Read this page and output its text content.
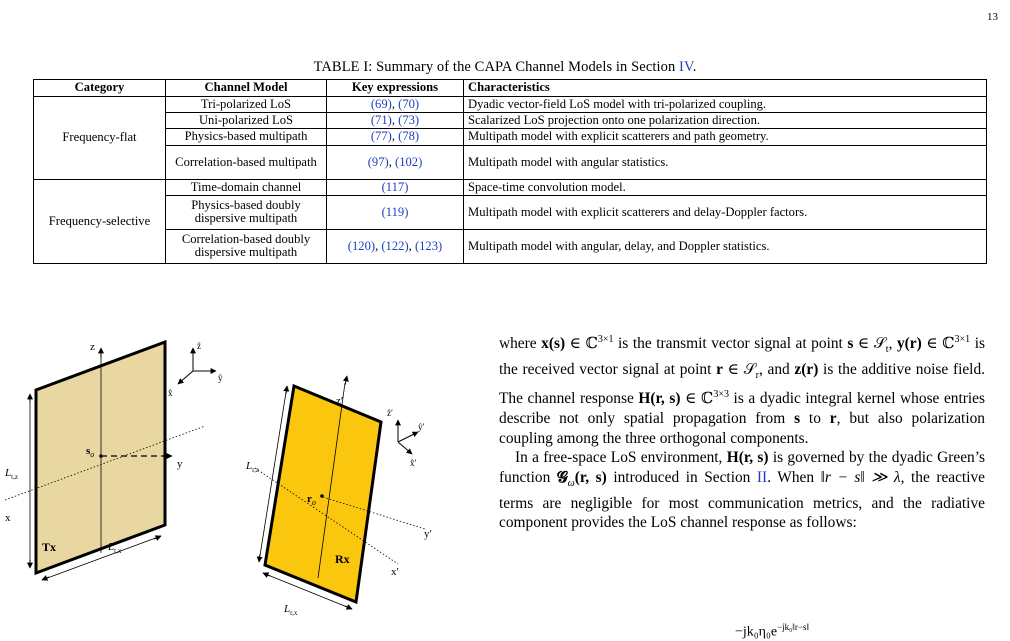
13
TABLE I: Summary of the CAPA Channel Models in Section IV.
Category	Channel Model	Key expressions	Characteristics
Frequency-flat	Tri-polarized LoS	(69), (70)	Dyadic vector-field LoS model with tri-polarized coupling.
	Uni-polarized LoS	(71), (73)	Scalarized LoS projection onto one polarization direction.
	Physics-based multipath	(77), (78)	Multipath model with explicit scatterers and path geometry.
	Correlation-based multipath	(97), (102)	Multipath model with angular statistics.
Frequency-selective	Time-domain channel	(117)	Space-time convolution model.
	Physics-based doubly dispersive multipath	(119)	Multipath model with explicit scatterers and delay-Doppler factors.
	Correlation-based doubly dispersive multipath	(120), (122), (123)	Multipath model with angular, delay, and Doppler statistics.
z
y
x
$s_o$
Tx
$L_{t,z}$
$L_{t,x}$
ẑ
ŷ
x̂
z′
y′
x′
$r_o$
Rx
$L_{r,z}$
$L_{r,x}$
ẑ′
ŷ′
x̂′

where x(s) ∈ ℂ$^{3\times 1}$ is the transmit vector signal at point s ∈ 𝒮$_t$, y(r) ∈ ℂ$^{3\times 1}$ is the received vector signal at point r ∈ 𝒮$_r$, and z(r) is the additive noise field. The channel response H(r, s) ∈ ℂ$^{3\times 3}$ is a dyadic integral kernel whose entries describe not only spatial propagation from s to r, but also polarization coupling among the three orthogonal components.

In a free-space LoS environment, H(r, s) is governed by the dyadic Green’s function 𝓖$_\omega$(r, s) introduced in Section II. When ‖r − s‖ ≫ λ, the reactive terms are negligible for most communication metrics, and the radiative component provides the LoS channel response as follows:

$-jk_0\eta_0e^{-jk_0‖r-s‖}$
